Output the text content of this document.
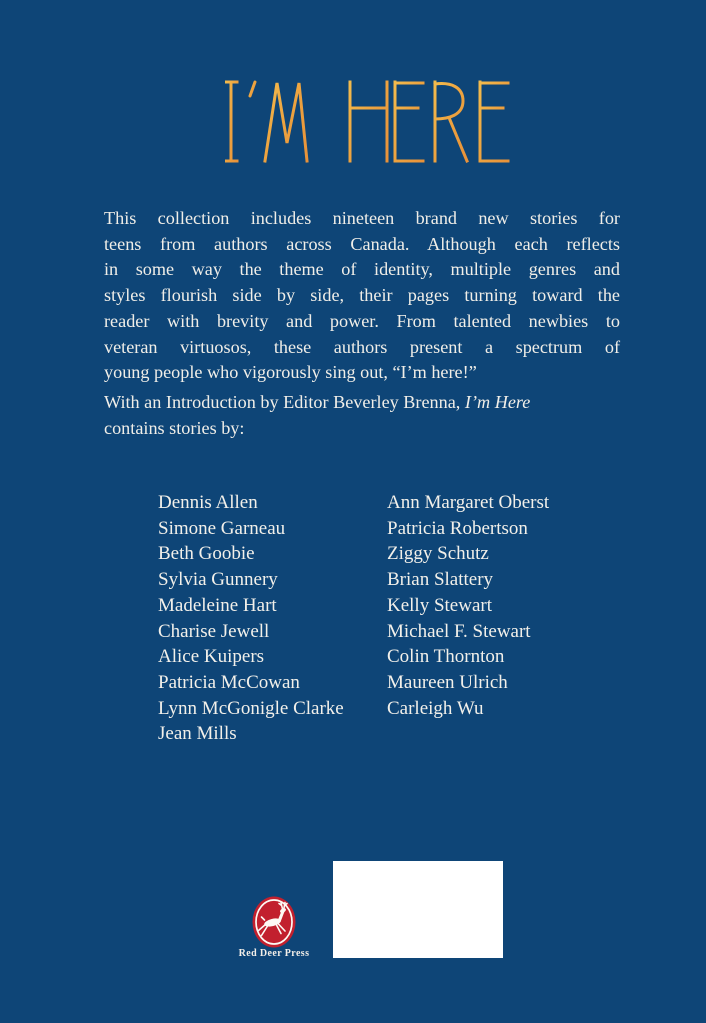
This collection includes nineteen brand new stories for
teens from authors across Canada. Although each reflects
in some way the theme of identity, multiple genres and
styles flourish side by side, their pages turning toward the
reader with brevity and power. From talented newbies to
veteran virtuosos, these authors present a spectrum of
young people who vigorously sing out, “I’m here!”
With an Introduction by Editor Beverley Brenna, I’m Here
contains stories by:
Dennis Allen
Simone Garneau
Beth Goobie
Sylvia Gunnery
Madeleine Hart
Charise Jewell
Alice Kuipers
Patricia McCowan
Lynn McGonigle Clarke
Jean Mills
Ann Margaret Oberst
Patricia Robertson
Ziggy Schutz
Brian Slattery
Kelly Stewart
Michael F. Stewart
Colin Thornton
Maureen Ulrich
Carleigh Wu
Red Deer Press
